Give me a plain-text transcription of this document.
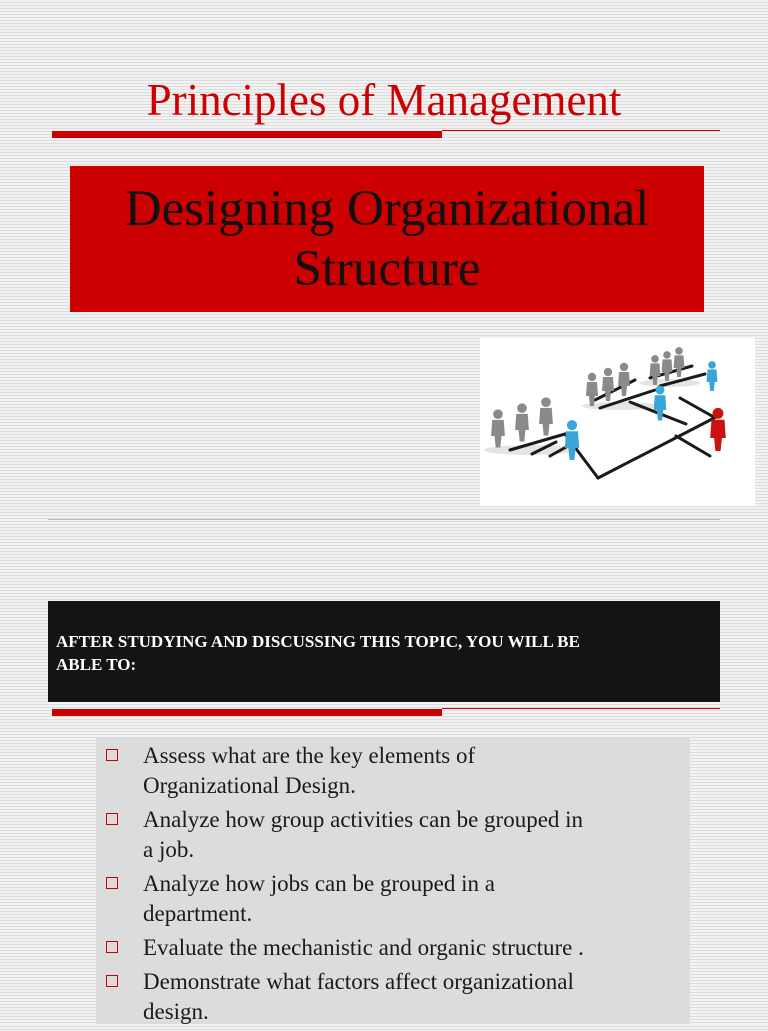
Principles of Management
Designing Organizational
Structure

AFTER STUDYING AND DISCUSSING THIS TOPIC, YOU WILL BE
ABLE TO:

Assess what are the key elements of
Organizational Design.
Analyze how group activities can be grouped in
a job.
Analyze how jobs can be grouped in a
department.
Evaluate the mechanistic and organic structure .
Demonstrate what factors affect organizational
design.
